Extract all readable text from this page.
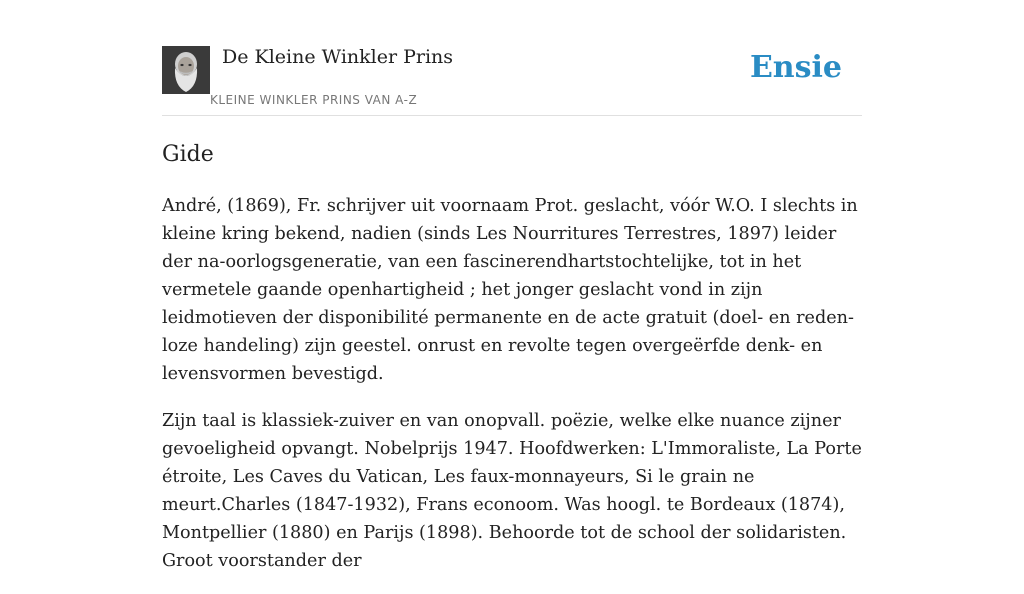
De Kleine Winkler Prins
KLEINE WINKLER PRINS VAN A-Z
Ensie
Gide

André, (1869), Fr. schrijver uit voornaam Prot. geslacht, vóór W.O. I slechts in kleine kring bekend, nadien (sinds Les Nourritures Terrestres, 1897) leider der na-oorlogsgeneratie, van een fascinerendhartstochtelijke, tot in het vermetele gaande openhartigheid ; het jonger geslacht vond in zijn leidmotieven der disponibilité permanente en de acte gratuit (doel- en reden-loze handeling) zijn geestel. onrust en revolte tegen overgeërfde denk- en levensvormen bevestigd.

Zijn taal is klassiek-zuiver en van onopvall. poëzie, welke elke nuance zijner gevoeligheid opvangt. Nobelprijs 1947. Hoofdwerken: L'Immoraliste, La Porte étroite, Les Caves du Vatican, Les faux-monnayeurs, Si le grain ne meurt.Charles (1847-1932), Frans econoom. Was hoogl. te Bordeaux (1874), Montpellier (1880) en Parijs (1898). Behoorde tot de school der solidaristen. Groot voorstander der
